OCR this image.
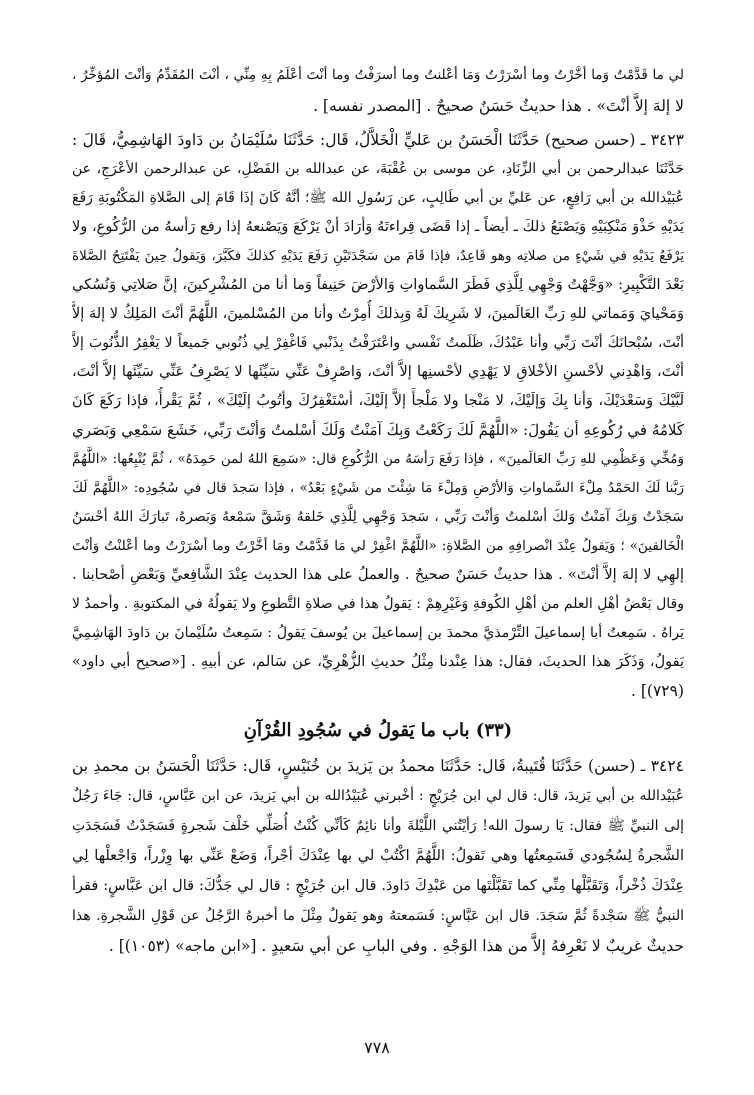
لي ما قَدَّمْتُ وَما أخَّرْتُ وما أسْرَرْتُ وَمَا أعْلنتُ وما أسرَفْتُ وما أنْتَ أعْلَمُ بِهِ مِنِّي ، أنْتَ المُقَدِّمُ وَأنْتَ المُؤخِّرُ ،
لا إلهَ إلاَّ أنْتَ» . هذا حديثٌ حَسَنٌ صحيحٌ . [المصدر نفسه] .
٣٤٢٣ ـ (حسن صحيح) حَدَّثَنَا الْحَسَنُ بن عَليٍّ الْخَلاَّلُ، قَال: حَدَّثَنَا سُلَيْمَانُ بن دَاودَ الهَاشِمِيُّ، قَالَ :
حَدَّثَنَا عبدالرحمن بن أبي الزِّنَادِ، عن موسى بن عُقْبَةَ، عن عبدالله بن الفَضْلِ، عن عبدالرحمن الأعْرَجِ، عن
عُبَيْدالله بن أبي رَافِعٍ، عن عَليِّ بن أبي طَالِبٍ، عن رَسُولِ الله ﷺ؛ أنَّهُ كَانَ إذَا قَامَ إلى الصَّلاةِ المَكْتُوبَةِ رَفَعَ
يَدَيْهِ حَذْوَ مَنْكِبَيْهِ وَيَصْنَعُ ذلكَ ـ أيضاً ـ إذا قَضَى قِراءتَهُ وَأرَادَ أنْ يَرْكَعَ وَيَصْنعهُ إذا رفع رَأسهُ من الرُّكُوعِ، ولا
يَرْفَعُ يَدَيْهِ في شَيْءٍ من صلاتِه وهو قَاعِدٌ، فإذا قَامَ من سَجْدَتَيْنِ رَفَعَ يَدَيْهِ كذلكَ فكَبَّرَ، وَيَقولُ حِينَ يَفْتَتِحُ الصَّلاةَ
بَعْدَ التَّكْبِيرِ: «وَجَّهْتُ وَجْهِي لِلَّذِي فَطَرَ السَّماواتِ وَالأرْضَ حَنِيفاً وَما أنا من المُشْرِكينَ، إنَّ صَلاتِي وَنُسُكي
وَمَحْيايَ وَمَماتي للهِ رَبِّ العَالَمينَ، لا شَرِيكَ لَهُ وَبِذلكَ أُمِرْتُ وأنا من المُسْلمينَ، اللَّهُمَّ أنْتَ المَلِكُ لا إلهَ إلاَّ
أنْتَ، سُبْحانَكَ أنْتَ رَبِّي وأنا عَبْدُكَ، ظَلَمتُ نَفْسي واعْتَرَفْتُ بِذَنْبي فَاغْفِرْ لِي ذُنُوبي جَميعاً لا يَغْفِرُ الذُّنُوبَ إلاَّ
أنْتَ، وَاهْدِني لأحْسنِ الأخْلاقِ لا يَهْدِي لأحْسنِها إلاَّ أنْتَ، وَاصْرِفْ عَنِّي سَيِّئَها لا يَصْرِفُ عَنِّي سَيِّئَها إلاَّ أنْتَ،
لَبَّيْكَ وَسَعْدَيْكَ، وَأنا بِكَ وَإلَيْكَ، لا مَنْجا ولا مَلْجأَ إلاَّ إلَيْكَ، أسْتَغْفِرُكَ وأتُوبُ إلَيْكَ» ، ثُمَّ يَقْرأُ، فإذا رَكَعَ كَانَ
كَلامُهُ في رُكُوعِهِ أن يَقُولَ: «اللَّهُمَّ لَكَ رَكَعْتُ وَبِكَ آمَنْتُ وَلَكَ أسْلمتُ وَأنْتَ رَبِّي، خَشَعَ سَمْعِي وَبَصَري
وَمُخِّي وَعَظْمِي للهِ رَبِّ العَالَمينَ» ، فإذا رَفَعَ رَأسَهُ من الرُّكُوعِ قال: «سَمِعَ اللهُ لمن حَمِدَهُ» ، ثُمَّ يُتْبِعُها: «اللَّهُمَّ
رَبَّنا لَكَ الحَمْدُ مِلْءَ السَّماواتِ وَالأرْضِ وَمِلْءَ مَا شِئْتَ من شَيْءٍ بَعْدُ» ، فإذا سَجدَ قال في سُجُودِه: «اللَّهُمَّ لَكَ
سَجَدْتُ وَبِكَ آمَنْتُ وَلكَ أسْلمتُ وَأنْتَ رَبِّي ، سَجدَ وَجْهِي لِلَّذِي خَلقهُ وَشَقَّ سَمْعهُ وَبَصرهُ، تَبارَكَ اللهُ أحْسَنُ
الْخَالقينَ» ؛ وَيَقولُ عِنْدَ انْصرافِهِ من الصَّلاةِ: «اللَّهُمَّ اغْفِرْ لي مَا قَدَّمْتُ ومَا أخَّرْتُ وما أسْرَرْتُ وما أعْلنْتُ وَأنْتَ
إلهِي لا إلهَ إلاَّ أنْتَ» . هذا حديثٌ حَسَنٌ صحيحٌ . والعملُ على هذا الحديث عِنْدَ الشَّافِعيِّ وَبَعْضِ أصْحابنا .
وقال بَعْضُ أهْلِ العلم من أهْلِ الكُوفةِ وَغَيْرِهِمْ : يَقولُ هذا في صلاةِ التَّطوعِ ولا يَقولُهُ في المكتوبةِ . وأحمدُ لا
يَراهُ . سَمِعتُ أبا إسماعيلَ التِّرْمذيَّ محمدَ بن إسماعيلَ بن يُوسفَ يَقولُ : سَمِعتُ سُلَيْمانَ بن دَاودَ الهَاشِمِيَّ
يَقولُ، وَذَكَرَ هذا الحديثَ، فقال: هذا عِنْدنا مِثْلُ حديثِ الزُّهْرِيِّ، عن سَالم، عن أبيهِ . [«صحيح أبي داود»
(٧٢٩)] .
(٣٣) باب ما يَقولُ في سُجُودِ القُرْآنِ
٣٤٢٤ ـ (حسن) حَدَّثَنَا قُتَيبةُ، قَال: حَدَّثَنَا محمدُ بن يَزيدَ بن خُنَيْسٍ، قَال: حَدَّثَنَا الْحَسَنُ بن محمدِ بن
عُبَيْدالله بن أبي يَزيدَ، قال: قال لي ابن جُرَيْجٍ : أخْبرني عُبَيْدُالله بن أبي يَزيدَ، عن ابن عَبَّاسٍ، قال: جَاءَ رَجُلٌ
إلى النبيِّ ﷺ فقال: يَا رسولَ الله! رَأيْتُني اللَّيْلةَ وأنا نائِمٌ كَأنِّي كُنْتُ أُصَلِّي خَلْفَ شَجرةٍ فَسَجَدْتُ فَسَجَدَتِ
الشَّجرةُ لِسُجُودي فَسَمِعتُها وهي تَقولُ: اللَّهُمَّ اكْتُبْ لي بها عِنْدَكَ أجْراً، وَضَعْ عَنِّي بها وِزْراً، وَاجْعلْها لِي
عِنْدَكَ ذُخْراً، وَتَقَبَّلْها مِنِّي كما تَقَبَّلْتَها من عَبْدِكَ دَاودَ. قال ابن جُرَيْجٍ : قال لي جَدُّكَ: قال ابن عَبَّاسٍ: فقرأ
النبيُّ ﷺ سَجْدةً ثُمَّ سَجَدَ. قال ابن عَبَّاسٍ: فَسَمعتهُ وهو يَقولُ مِثْلَ ما أخبرهُ الرَّجُلُ عن قَوْلِ الشَّجرةِ. هذا
حديثٌ غريبٌ لا نَعْرِفهُ إلاَّ من هذا الوَجْهِ . وفي البابِ عن أبي سَعيدٍ . [«ابن ماجه» (١٠٥٣)] .
٧٧٨
